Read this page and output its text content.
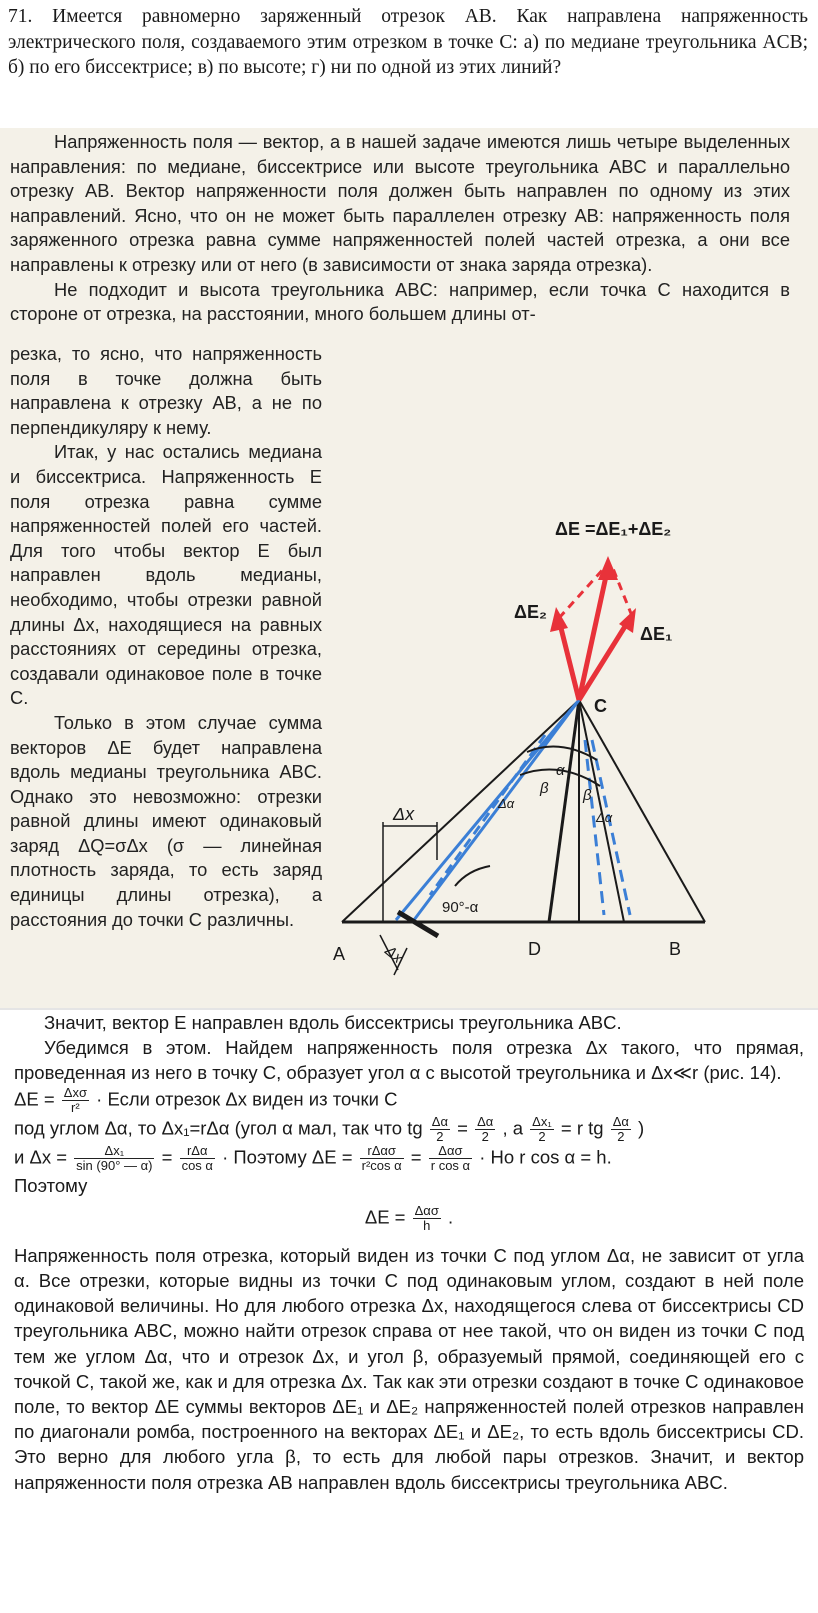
71. Имеется равномерно заряженный отрезок AB. Как направлена напряженность электрического поля, создаваемого этим отрезком в точке C: а) по медиане треугольника ACB; б) по его биссектрисе; в) по высоте; г) ни по одной из этих линий?
Напряженность поля — вектор, а в нашей задаче имеются лишь четыре выделенных направления: по медиане, биссектрисе или высоте треугольника ABC и параллельно отрезку AB. Вектор напряженности поля должен быть направлен по одному из этих направлений. Ясно, что он не может быть параллелен отрезку AB: напряженность поля заряженного отрезка равна сумме напряженностей полей частей отрезка, а они все направлены к отрезку или от него (в зависимости от знака заряда отрезка).
Не подходит и высота треугольника ABC: например, если точка C находится в стороне от отрезка, на расстоянии, много большем длины от-
резка, то ясно, что напряженность поля в точке должна быть направлена к отрезку AB, а не по перпендикуляру к нему.
Итак, у нас остались медиана и биссектриса. Напряженность E поля отрезка равна сумме напряженностей полей его частей. Для того чтобы вектор E был направлен вдоль медианы, необходимо, чтобы отрезки равной длины Δx, находящиеся на равных расстояниях от середины отрезка, создавали одинаковое поле в точке C.
Только в этом случае сумма векторов ΔE будет направлена вдоль медианы треугольника ABC. Однако это невозможно: отрезки равной длины имеют одинаковый заряд ΔQ=σΔx (σ — линейная плотность заряда, то есть заряд единицы длины отрезка), а расстояния до точки C различны.
ΔE =ΔE₁+ΔE₂
ΔE₂
ΔE₁
C
A	D	B
Δx
Δx
90°-α
α
β β
Δα
Δα

Значит, вектор E направлен вдоль биссектрисы треугольника ABC.

Убедимся в этом. Найдем напряженность поля отрезка Δx такого, что прямая, проведенная из него в точку C, образует угол α с высотой треугольника и Δx≪r (рис. 14).

$\Delta E = \frac{\text{Δxσ}}{\text{r²}}$ · Если отрезок Δx виден из точки C

под углом Δα, то Δx₁=rΔα (угол α мал, так что tg $\frac{\Delta\alpha}{2} = \frac{\Delta\alpha}{2}$ , а $\frac{\text{Δx₁}}{2} = r$ tg $\frac{\Delta\alpha}{2}$ )

и $\Delta x = \frac{\text{Δx₁}}{\sin (90^\circ — \alpha)} = \frac{\text{rΔα}}{\text{cos α}}$ · Поэтому $\Delta E = \frac{\text{rΔασ}}{\text{r²cos α}} = \frac{\text{Δασ}}{\text{r cos α}}$ · Но r cos α = h.

Поэтому

$\Delta E = \frac{\text{Δασ}}{h}$ .

Напряженность поля отрезка, который виден из точки C под углом Δα, не зависит от угла α. Все отрезки, которые видны из точки C под одинаковым углом, создают в ней поле одинаковой величины. Но для любого отрезка Δx, находящегося слева от биссектрисы CD треугольника ABC, можно найти отрезок справа от нее такой, что он виден из точки C под тем же углом Δα, что и отрезок Δx, и угол β, образуемый прямой, соединяющей его с точкой C, такой же, как и для отрезка Δx. Так как эти отрезки создают в точке C одинаковое поле, то вектор ΔE суммы векторов ΔE₁ и ΔE₂ напряженностей полей отрезков направлен по диагонали ромба, построенного на векторах ΔE₁ и ΔE₂, то есть вдоль биссектрисы CD. Это верно для любого угла β, то есть для любой пары отрезков. Значит, и вектор напряженности поля отрезка AB направлен вдоль биссектрисы треугольника ABC.
